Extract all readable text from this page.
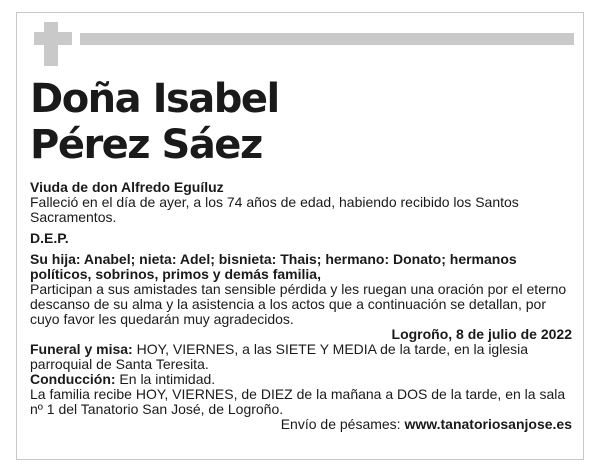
Doña Isabel
Pérez Sáez

Viuda de don Alfredo Eguíluz

Falleció en el día de ayer, a los 74 años de edad, habiendo recibido los Santos Sacramentos.

D.E.P.

Su hija: Anabel; nieta: Adel; bisnieta: Thais; hermano: Donato; hermanos políticos, sobrinos, primos y demás familia,

Participan a sus amistades tan sensible pérdida y les ruegan una oración por el eterno descanso de su alma y la asistencia a los actos que a continuación se detallan, por cuyo favor les quedarán muy agradecidos.

Logroño, 8 de julio de 2022

Funeral y misa: HOY, VIERNES, a las SIETE Y MEDIA de la tarde, en la iglesia parroquial de Santa Teresita.

Conducción: En la intimidad.

La familia recibe HOY, VIERNES, de DIEZ de la mañana a DOS de la tarde, en la sala nº 1 del Tanatorio San José, de Logroño.

Envío de pésames: www.tanatoriosanjose.es
